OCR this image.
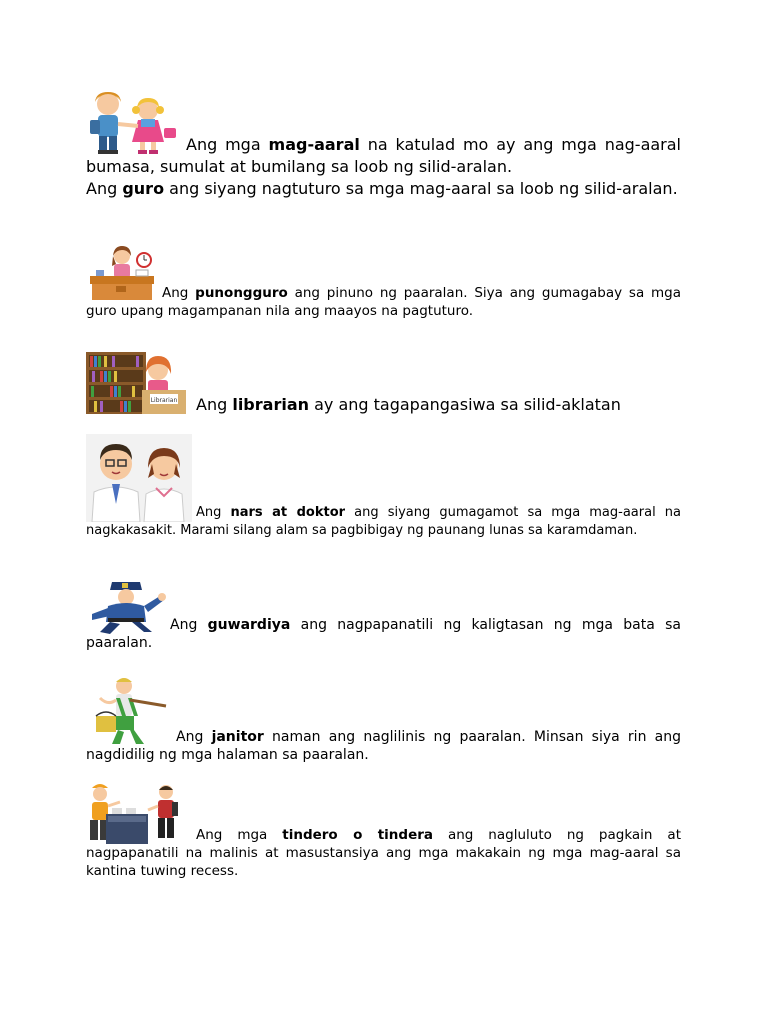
Ang mga mag-aaral na katulad mo ay ang mga nag-aaral bumasa, sumulat at bumilang sa loob ng silid-aralan.

Ang guro ang siyang nagtuturo sa mga mag-aaral sa loob ng silid-aralan.

Ang punongguro ang pinuno ng paaralan. Siya ang gumagabay sa mga guro upang magampanan nila ang maayos na pagtuturo.

Librarian Ang librarian ay ang tagapangasiwa sa silid-aklatan

Ang nars at doktor ang siyang gumagamot sa mga mag-aaral na nagkakasakit. Marami silang alam sa pagbibigay ng paunang lunas sa karamdaman.

Ang guwardiya ang nagpapanatili ng kaligtasan ng mga bata sa paaralan.

Ang janitor naman ang naglilinis ng paaralan. Minsan siya rin ang nagdidilig ng mga halaman sa paaralan.

Ang mga tindero o tindera ang nagluluto ng pagkain at nagpapanatili na malinis at masustansiya ang mga makakain ng mga mag-aaral sa kantina tuwing recess.
